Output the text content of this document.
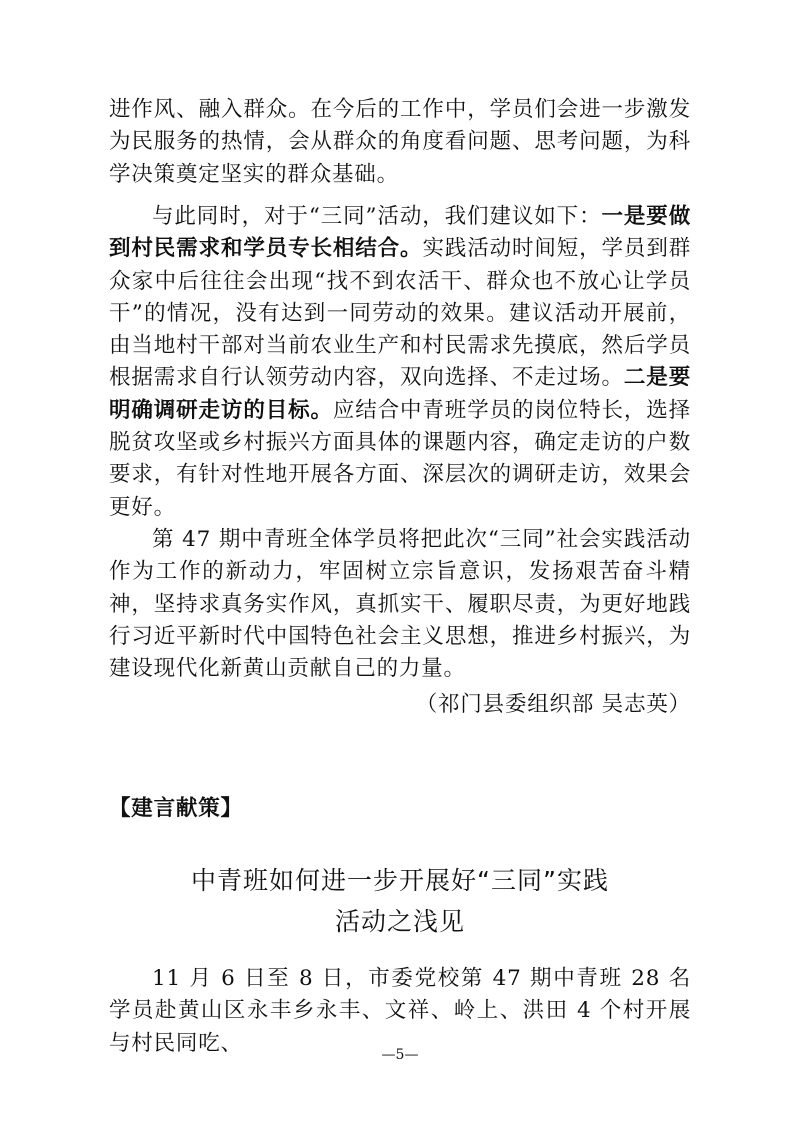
进作风、融入群众。在今后的工作中，学员们会进一步激发为民服务的热情，会从群众的角度看问题、思考问题，为科学决策奠定坚实的群众基础。

与此同时，对于“三同”活动，我们建议如下：一是要做到村民需求和学员专长相结合。实践活动时间短，学员到群众家中后往往会出现“找不到农活干、群众也不放心让学员干”的情况，没有达到一同劳动的效果。建议活动开展前，由当地村干部对当前农业生产和村民需求先摸底，然后学员根据需求自行认领劳动内容，双向选择、不走过场。二是要明确调研走访的目标。应结合中青班学员的岗位特长，选择脱贫攻坚或乡村振兴方面具体的课题内容，确定走访的户数要求，有针对性地开展各方面、深层次的调研走访，效果会更好。

第 47 期中青班全体学员将把此次“三同”社会实践活动作为工作的新动力，牢固树立宗旨意识，发扬艰苦奋斗精神，坚持求真务实作风，真抓实干、履职尽责，为更好地践行习近平新时代中国特色社会主义思想，推进乡村振兴，为建设现代化新黄山贡献自己的力量。

（祁门县委组织部 吴志英）
【建言献策】
中青班如何进一步开展好“三同”实践
活动之浅见

11 月 6 日至 8 日，市委党校第 47 期中青班 28 名学员赴黄山区永丰乡永丰、文祥、岭上、洪田 4 个村开展与村民同吃、	—5—
